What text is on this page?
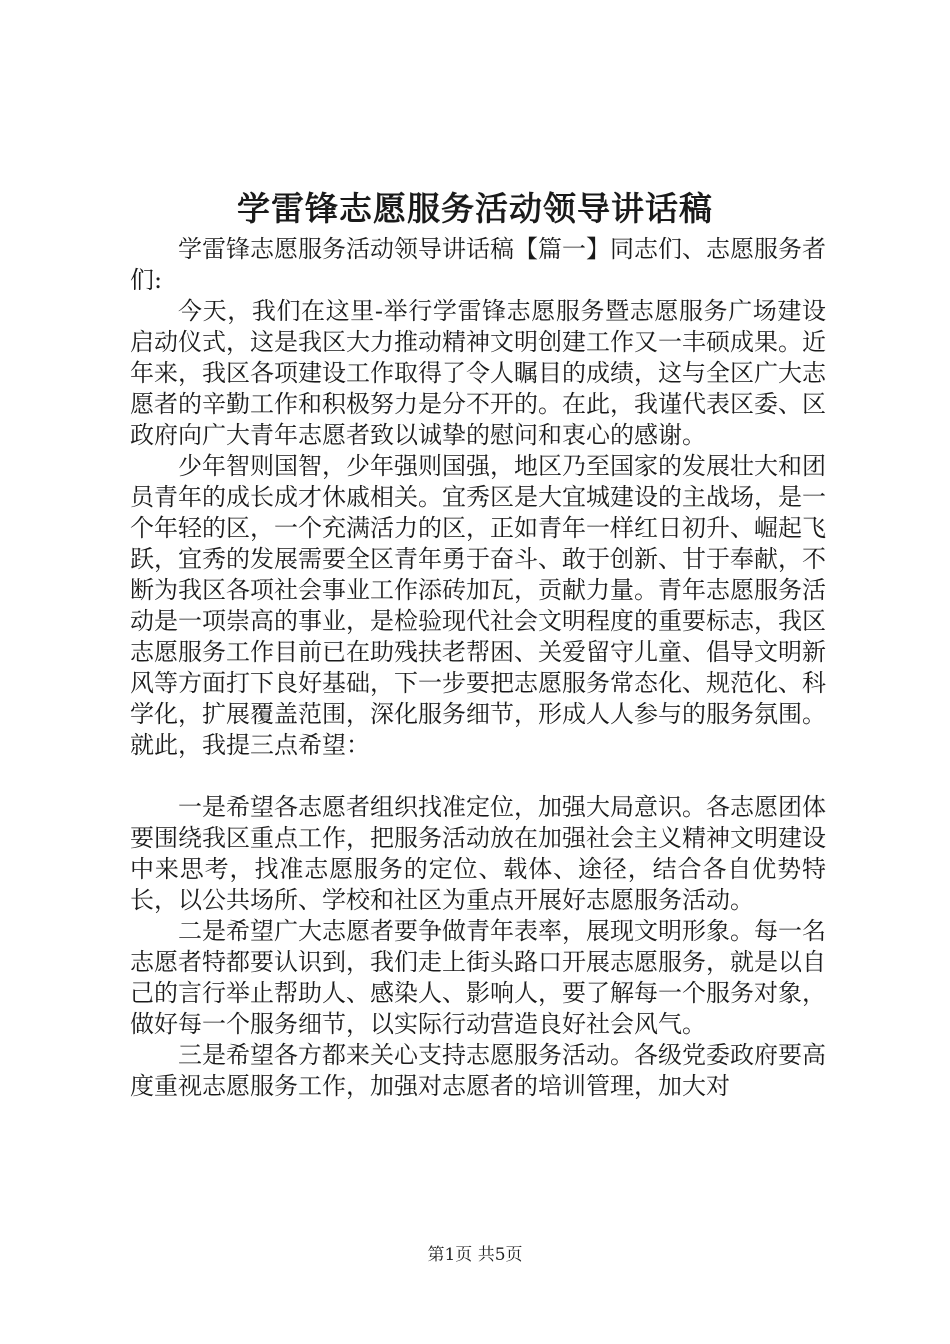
学雷锋志愿服务活动领导讲话稿

学雷锋志愿服务活动领导讲话稿【篇一】同志们、志愿服务者们:

今天，我们在这里-举行学雷锋志愿服务暨志愿服务广场建设启动仪式，这是我区大力推动精神文明创建工作又一丰硕成果。近年来，我区各项建设工作取得了令人瞩目的成绩，这与全区广大志愿者的辛勤工作和积极努力是分不开的。在此，我谨代表区委、区政府向广大青年志愿者致以诚挚的慰问和衷心的感谢。

少年智则国智，少年强则国强，地区乃至国家的发展壮大和团员青年的成长成才休戚相关。宜秀区是大宜城建设的主战场，是一个年轻的区，一个充满活力的区，正如青年一样红日初升、崛起飞跃，宜秀的发展需要全区青年勇于奋斗、敢于创新、甘于奉献，不断为我区各项社会事业工作添砖加瓦，贡献力量。青年志愿服务活动是一项崇高的事业，是检验现代社会文明程度的重要标志，我区志愿服务工作目前已在助残扶老帮困、关爱留守儿童、倡导文明新风等方面打下良好基础，下一步要把志愿服务常态化、规范化、科学化，扩展覆盖范围，深化服务细节，形成人人参与的服务氛围。就此，我提三点希望：

一是希望各志愿者组织找准定位，加强大局意识。各志愿团体要围绕我区重点工作，把服务活动放在加强社会主义精神文明建设中来思考，找准志愿服务的定位、载体、途径，结合各自优势特长，以公共场所、学校和社区为重点开展好志愿服务活动。

二是希望广大志愿者要争做青年表率，展现文明形象。每一名志愿者特都要认识到，我们走上街头路口开展志愿服务，就是以自己的言行举止帮助人、感染人、影响人，要了解每一个服务对象，做好每一个服务细节，以实际行动营造良好社会风气。

三是希望各方都来关心支持志愿服务活动。各级党委政府要高度重视志愿服务工作，加强对志愿者的培训管理，加大对

第1页 共5页
